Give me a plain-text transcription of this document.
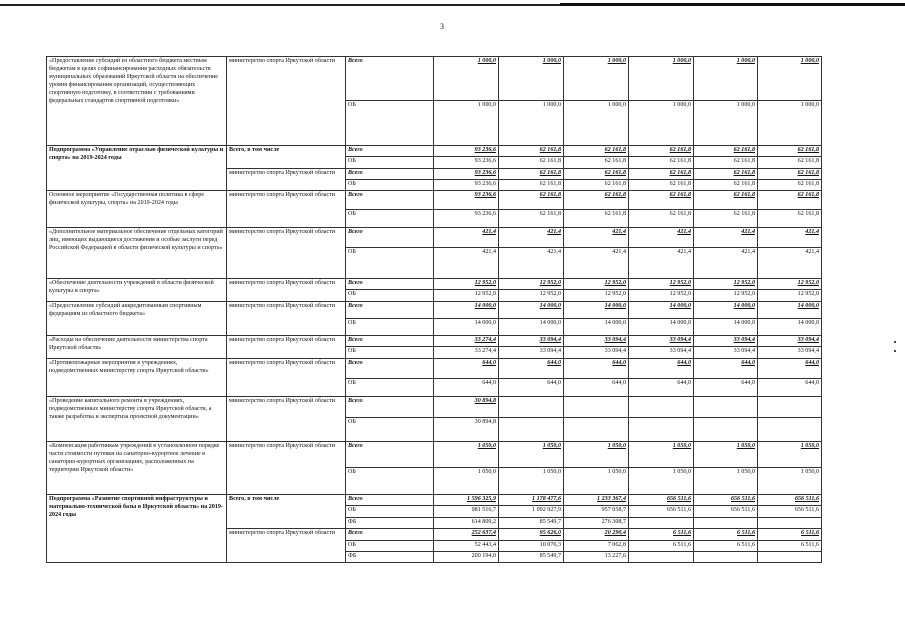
3
«Предоставление субсидий из областного бюджета местным бюджетам в целях софинансирования расходных обязательств муниципальных образований Иркутской области на обеспечение уровня финансирования организаций, осуществляющих спортивную подготовку, в соответствии с требованиями федеральных стандартов спортивной подготовки»	министерство спорта Иркутской области	Всего	1 000,0	1 000,0	1 000,0	1 000,0	1 000,0	1 000,0
		ОБ	1 000,0	1 000,0	1 000,0	1 000,0	1 000,0	1 000,0
Подпрограмма «Управление отраслью физической культуры и спорта» на 2019-2024 годы	Всего, в том числе	Всего	93 236,6	62 161,8	62 161,8	62 161,8	62 161,8	62 161,8
		ОБ	93 236,6	62 161,8	62 161,8	62 161,8	62 161,8	62 161,8
	министерство спорта Иркутской области	Всего	93 236,6	62 161,8	62 161,8	62 161,8	62 161,8	62 161,8
		ОБ	93 236,6	62 161,8	62 161,8	62 161,8	62 161,8	62 161,8
Основное мероприятие «Государственная политика в сфере физической культуры, спорта» на 2019-2024 годы	министерство спорта Иркутской области	Всего	93 236,6	62 161,8	62 161,8	62 161,8	62 161,8	62 161,8
		ОБ	93 236,6	62 161,8	62 161,8	62 161,8	62 161,8	62 161,8
«Дополнительное материальное обеспечение отдельных категорий лиц, имеющих выдающиеся достижения и особые заслуги перед Российской Федерацией в области физической культуры и спорта»	министерство спорта Иркутской области	Всего	421,4	421,4	421,4	421,4	421,4	421,4
		ОБ	421,4	421,4	421,4	421,4	421,4	421,4
«Обеспечение деятельности учреждений в области физической культуры и спорта»	министерство спорта Иркутской области	Всего	12 952,0	12 952,0	12 952,0	12 952,0	12 952,0	12 952,0
		ОБ	12 952,0	12 952,0	12 952,0	12 952,0	12 952,0	12 952,0
«Предоставление субсидий аккредитованным спортивным федерациям из областного бюджета»	министерство спорта Иркутской области	Всего	14 000,0	14 000,0	14 000,0	14 000,0	14 000,0	14 000,0
		ОБ	14 000,0	14 000,0	14 000,0	14 000,0	14 000,0	14 000,0
«Расходы на обеспечение деятельности министерства спорта Иркутской области»	министерство спорта Иркутской области	Всего	33 274,4	33 094,4	33 094,4	33 094,4	33 094,4	33 094,4
		ОБ	33 274,4	33 094,4	33 094,4	33 094,4	33 094,4	33 094,4
«Противопожарные мероприятия в учреждениях, подведомственных министерству спорта Иркутской области»	министерство спорта Иркутской области	Всего	644,0	644,0	644,0	644,0	644,0	644,0
		ОБ	644,0	644,0	644,0	644,0	644,0	644,0
«Проведение капитального ремонта в учреждениях, подведомственных министерству спорта Иркутской области, а также разработка и экспертиза проектной документации»	министерство спорта Иркутской области	Всего	30 894,8					
		ОБ	30 894,8					
«Компенсация работникам учреждений в установленном порядке части стоимости путевки на санаторно-курортное лечение в санаторно-курортных организациях, расположенных на территории Иркутской области»	министерство спорта Иркутской области	Всего	1 050,0	1 050,0	1 050,0	1 050,0	1 050,0	1 050,0
		ОБ	1 050,0	1 050,0	1 050,0	1 050,0	1 050,0	1 050,0
Подпрограмма «Развитие спортивной инфраструктуры и материально-технической базы в Иркутской области» на 2019-2024 годы	Всего, в том числе	Всего	1 596 325,9	1 178 477,6	1 233 367,4	656 511,6	656 511,6	656 511,6
		ОБ	981 516,7	1 092 927,9	957 058,7	656 511,6	656 511,6	656 511,6
		ФБ	614 809,2	85 549,7	276 308,7			
	министерство спорта Иркутской области	Всего	252 637,4	95 626,0	20 290,4	6 511,6	6 511,6	6 511,6
		ОБ	52 443,4	10 076,3	7 062,8	6 511,6	6 511,6	6 511,6
		ФБ	200 194,0	85 549,7	13 227,6			
